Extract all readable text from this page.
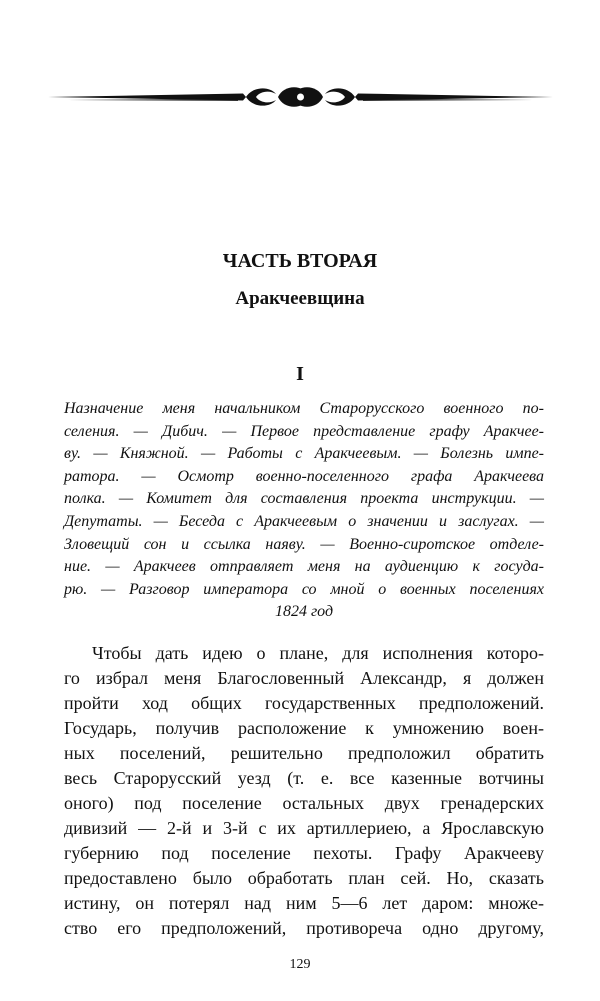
ЧАСТЬ ВТОРАЯ
Аракчеевщина
I
Назначение меня начальником Старорусского военного по-
селения. — Дибич. — Первое представление графу Аракчее-
ву. — Княжной. — Работы с Аракчеевым. — Болезнь импе-
ратора. — Осмотр военно-поселенного графа Аракчеева
полка. — Комитет для составления проекта инструкции. —
Депутаты. — Беседа с Аракчеевым о значении и заслугах. —
Зловещий сон и ссылка наяву. — Военно-сиротское отделе-
ние. — Аракчеев отправляет меня на аудиенцию к госуда-
рю. — Разговор императора со мной о военных поселениях
1824 год
Чтобы дать идею о плане, для исполнения которо-
го избрал меня Благословенный Александр, я должен
пройти ход общих государственных предположений.
Государь, получив расположение к умножению воен-
ных поселений, решительно предположил обратить
весь Старорусский уезд (т. е. все казенные вотчины
оного) под поселение остальных двух гренадерских
дивизий — 2-й и 3-й с их артиллериею, а Ярославскую
губернию под поселение пехоты. Графу Аракчееву
предоставлено было обработать план сей. Но, сказать
истину, он потерял над ним 5—6 лет даром: множе-
ство его предположений, противореча одно другому,
129
